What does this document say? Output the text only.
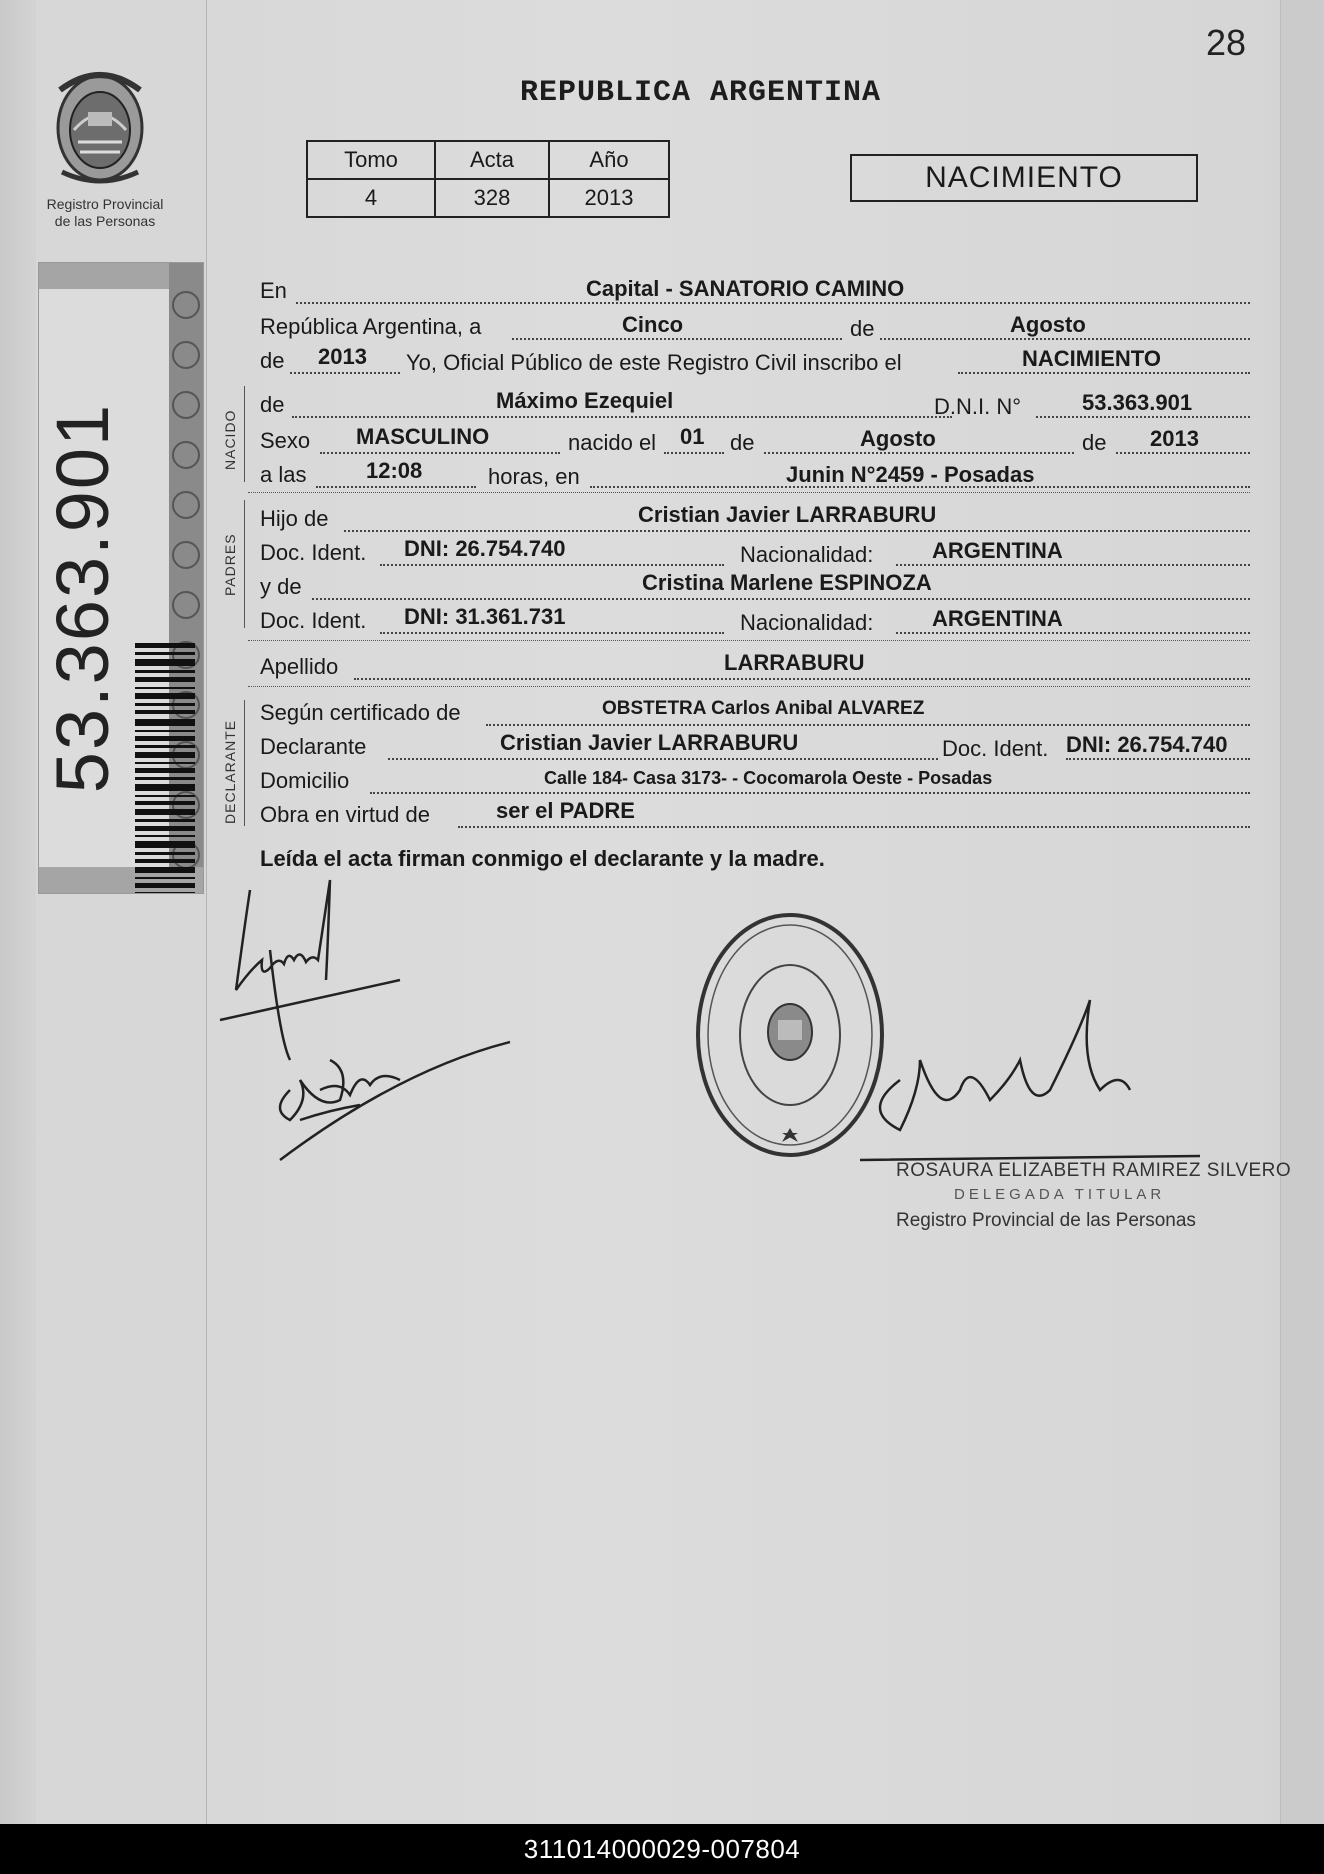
28
Registro Provincial
de las Personas
53.363.901
REPUBLICA ARGENTINA
Tomo	Acta	Año
4	328	2013
NACIMIENTO
NACIDO
PADRES
DECLARANTE
En	Capital - SANATORIO CAMINO
República Argentina, a	Cinco	de	Agosto
de 2013 Yo, Oficial Público de este Registro Civil inscribo el	NACIMIENTO
de	Máximo Ezequiel	D.N.I. N°	53.363.901
Sexo MASCULINO	nacido el 01 de	Agosto	de 2013
a las	12:08	horas, en	Junin N°2459 - Posadas
Hijo de	Cristian Javier LARRABURU
Doc. Ident. DNI: 26.754.740	Nacionalidad:	ARGENTINA
y de	Cristina Marlene ESPINOZA
Doc. Ident. DNI: 31.361.731	Nacionalidad:	ARGENTINA
Apellido	LARRABURU
Según certificado de	OBSTETRA Carlos Anibal ALVAREZ
Declarante	Cristian Javier LARRABURU	Doc. Ident. DNI: 26.754.740
Domicilio	Calle 184- Casa 3173- - Cocomarola Oeste - Posadas
Obra en virtud de	ser el PADRE
Leída el acta firman conmigo el declarante y la madre.
ROSAURA ELIZABETH RAMIREZ SILVERO
DELEGADA TITULAR
Registro Provincial de las Personas
311014000029-007804
